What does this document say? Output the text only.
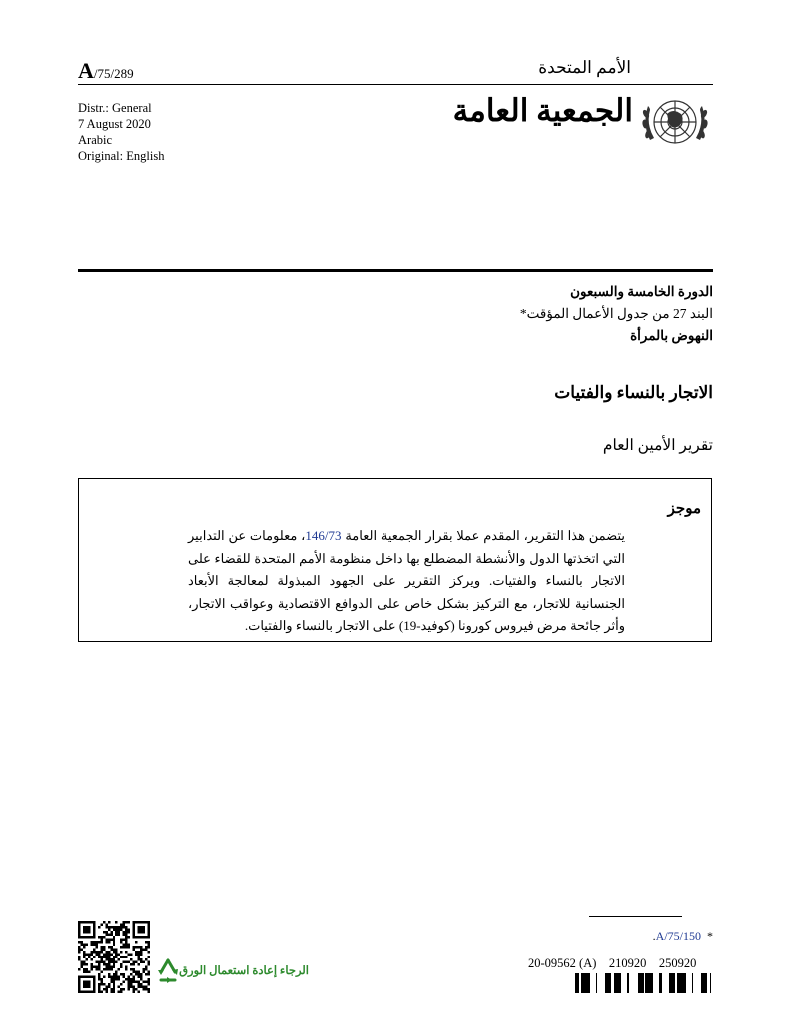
A/75/289	الأمم المتحدة
Distr.: General
7 August 2020
Arabic
Original: English
الجمعية العامة
الدورة الخامسة والسبعون
البند 27 من جدول الأعمال المؤقت*
النهوض بالمرأة
الاتجار بالنساء والفتيات
تقرير الأمين العام
موجز
يتضمن هذا التقرير، المقدم عملا بقرار الجمعية العامة 146/73، معلومات عن التدابير التي اتخذتها الدول والأنشطة المضطلع بها داخل منظومة الأمم المتحدة للقضاء على الاتجار بالنساء والفتيات. ويركز التقرير على الجهود المبذولة لمعالجة الأبعاد الجنسانية للاتجار، مع التركيز بشكل خاص على الدوافع الاقتصادية وعواقب الاتجار، وأثر جائحة مرض فيروس كورونا (كوفيد-19) على الاتجار بالنساء والفتيات.
*  A/75/150.
20-09562 (A)    210920    250920
الرجاء إعادة استعمال الورق
